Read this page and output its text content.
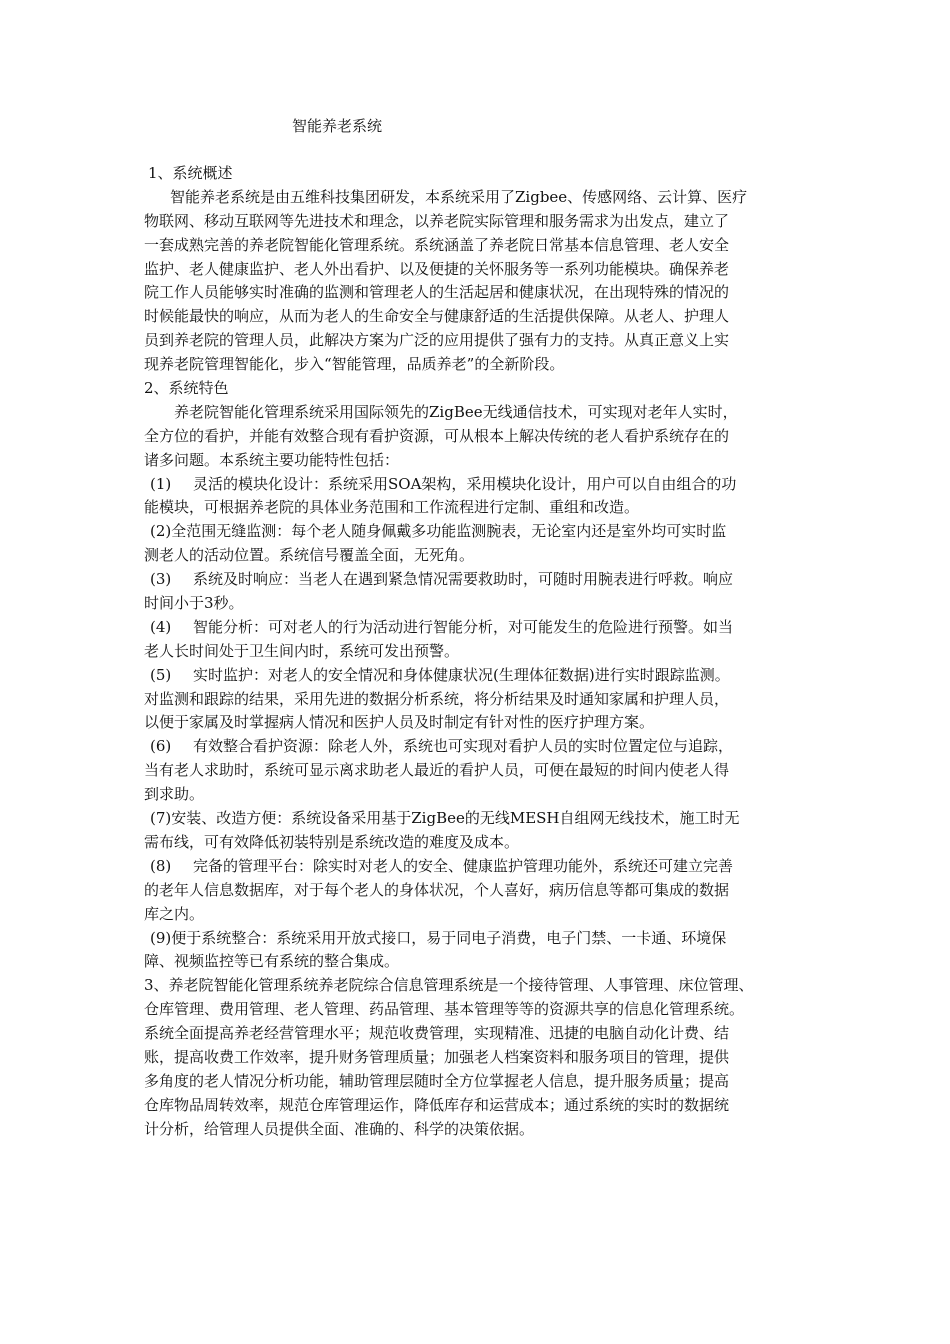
智能养老系统
1、系统概述
智能养老系统是由五维科技集团研发，本系统采用了Zigbee、传感网络、云计算、医疗
物联网、移动互联网等先进技术和理念，以养老院实际管理和服务需求为出发点，建立了
一套成熟完善的养老院智能化管理系统。系统涵盖了养老院日常基本信息管理、老人安全
监护、老人健康监护、老人外出看护、以及便捷的关怀服务等一系列功能模块。确保养老
院工作人员能够实时准确的监测和管理老人的生活起居和健康状况，在出现特殊的情况的
时候能最快的响应，从而为老人的生命安全与健康舒适的生活提供保障。从老人、护理人
员到养老院的管理人员，此解决方案为广泛的应用提供了强有力的支持。从真正意义上实
现养老院管理智能化，步入“智能管理，品质养老”的全新阶段。
2、系统特色
养老院智能化管理系统采用国际领先的ZigBee无线通信技术，可实现对老年人实时，
全方位的看护，并能有效整合现有看护资源，可从根本上解决传统的老人看护系统存在的
诸多问题。本系统主要功能特性包括：
(1) 灵活的模块化设计：系统采用SOA架构，采用模块化设计，用户可以自由组合的功
能模块，可根据养老院的具体业务范围和工作流程进行定制、重组和改造。
(2)全范围无缝监测：每个老人随身佩戴多功能监测腕表，无论室内还是室外均可实时监
测老人的活动位置。系统信号覆盖全面，无死角。
(3) 系统及时响应：当老人在遇到紧急情况需要救助时，可随时用腕表进行呼救。响应
时间小于3秒。
(4) 智能分析：可对老人的行为活动进行智能分析，对可能发生的危险进行预警。如当
老人长时间处于卫生间内时，系统可发出预警。
(5) 实时监护：对老人的安全情况和身体健康状况(生理体征数据)进行实时跟踪监测。
对监测和跟踪的结果，采用先进的数据分析系统，将分析结果及时通知家属和护理人员，
以便于家属及时掌握病人情况和医护人员及时制定有针对性的医疗护理方案。
(6) 有效整合看护资源：除老人外，系统也可实现对看护人员的实时位置定位与追踪，
当有老人求助时，系统可显示离求助老人最近的看护人员，可便在最短的时间内使老人得
到求助。
(7)安装、改造方便：系统设备采用基于ZigBee的无线MESH自组网无线技术，施工时无
需布线，可有效降低初装特别是系统改造的难度及成本。
(8) 完备的管理平台：除实时对老人的安全、健康监护管理功能外，系统还可建立完善
的老年人信息数据库，对于每个老人的身体状况，个人喜好，病历信息等都可集成的数据
库之内。
(9)便于系统整合：系统采用开放式接口，易于同电子消费，电子门禁、一卡通、环境保
障、视频监控等已有系统的整合集成。
3、养老院智能化管理系统养老院综合信息管理系统是一个接待管理、人事管理、床位管理、
仓库管理、费用管理、老人管理、药品管理、基本管理等等的资源共享的信息化管理系统。
系统全面提高养老经营管理水平；规范收费管理，实现精准、迅捷的电脑自动化计费、结
账，提高收费工作效率，提升财务管理质量；加强老人档案资料和服务项目的管理，提供
多角度的老人情况分析功能，辅助管理层随时全方位掌握老人信息，提升服务质量；提高
仓库物品周转效率，规范仓库管理运作，降低库存和运营成本；通过系统的实时的数据统
计分析，给管理人员提供全面、准确的、科学的决策依据。
